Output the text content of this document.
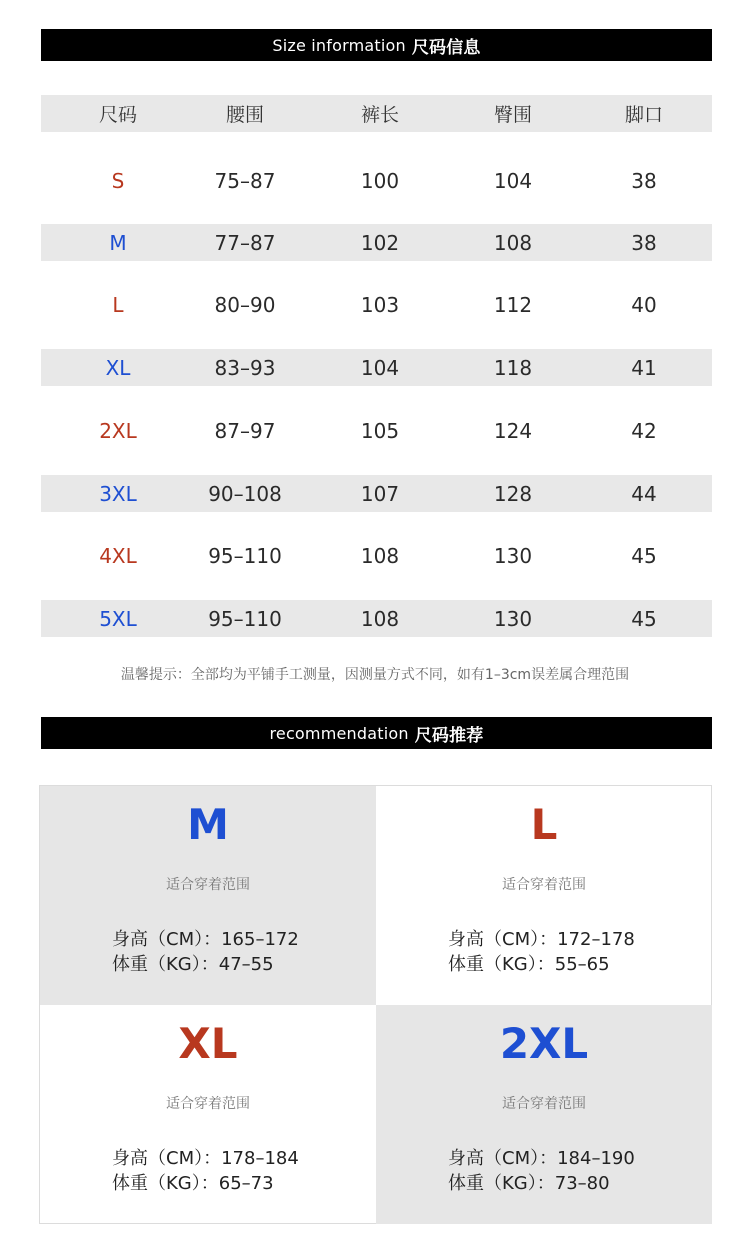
Size information 尺码信息
尺码	腰围	裤长	臀围	脚口
S	75–87	100	104	38
M	77–87	102	108	38
L	80–90	103	112	40
XL	83–93	104	118	41
2XL	87–97	105	124	42
3XL	90–108	107	128	44
4XL	95–110	108	130	45
5XL	95–110	108	130	45
温馨提示：全部均为平铺手工测量，因测量方式不同，如有1–3cm误差属合理范围
recommendation 尺码推荐
M
适合穿着范围
身高（CM）：165–172
体重（KG）：47–55
L
适合穿着范围
身高（CM）：172–178
体重（KG）：55–65
XL
适合穿着范围
身高（CM）：178–184
体重（KG）：65–73
2XL
适合穿着范围
身高（CM）：184–190
体重（KG）：73–80
